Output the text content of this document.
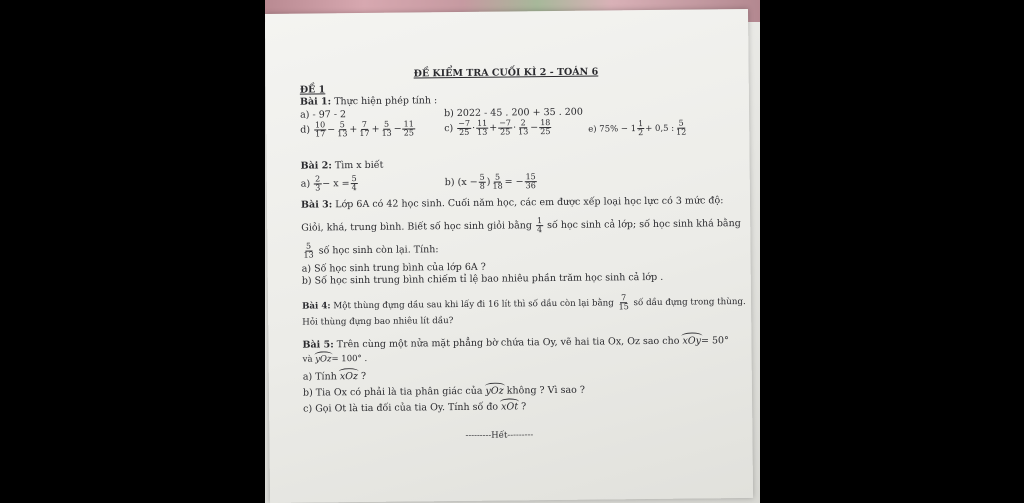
ĐỀ KIỂM TRA CUỐI KÌ 2 - TOÁN 6
ĐỀ 1
Bài 1: Thực hiện phép tính :
a) - 97 - 2	b) 2022 - 45 . 200 + 35 . 200
$d) \frac{10}{17} - \frac{5}{13} + \frac{7}{17} + \frac{5}{13} - \frac{11}{25}$	$c) \frac{-7}{25} \cdot \frac{11}{13} + \frac{-7}{25} \cdot \frac{2}{13} - \frac{18}{25}$	e) $75\% - 1 \frac{1}{2} + 0,5$ : $\frac{5}{12}$
Bài 2: Tìm x biết
$a) \frac{2}{3} - x = \frac{5}{4}$	b) ($x - \frac{5}{8}$ ) $\frac{5}{18}$ = − $\frac{15}{36}$
Bài 3: Lớp 6A có 42 học sinh. Cuối năm học, các em được xếp loại học lực có 3 mức độ:
Giỏi, khá, trung bình. Biết số học sinh giỏi bằng $\frac{1}{4}$ số học sinh cả lớp; số học sinh khá bằng
$\frac{5}{13}$ số học sinh còn lại. Tính:
a) Số học sinh trung bình của lớp 6A ?
b) Số học sinh trung bình chiếm tỉ lệ bao nhiêu phần trăm học sinh cả lớp .
Bài 4: Một thùng đựng dầu sau khi lấy đi 16 lít thì số dầu còn lại bằng $\frac{7}{15}$ số dầu đựng trong thùng.
Hỏi thùng đựng bao nhiêu lít dầu?
Bài 5: Trên cùng một nửa mặt phẳng bờ chứa tia Oy, vẽ hai tia Ox, Oz sao cho xOy= 50°
và yOz= 100° .
a) Tính xOz ?
b) Tia Ox có phải là tia phân giác của yOz không ? Vì sao ?
c) Gọi Ot là tia đối của tia Oy. Tính số đo xOt ?
---------Hết---------
